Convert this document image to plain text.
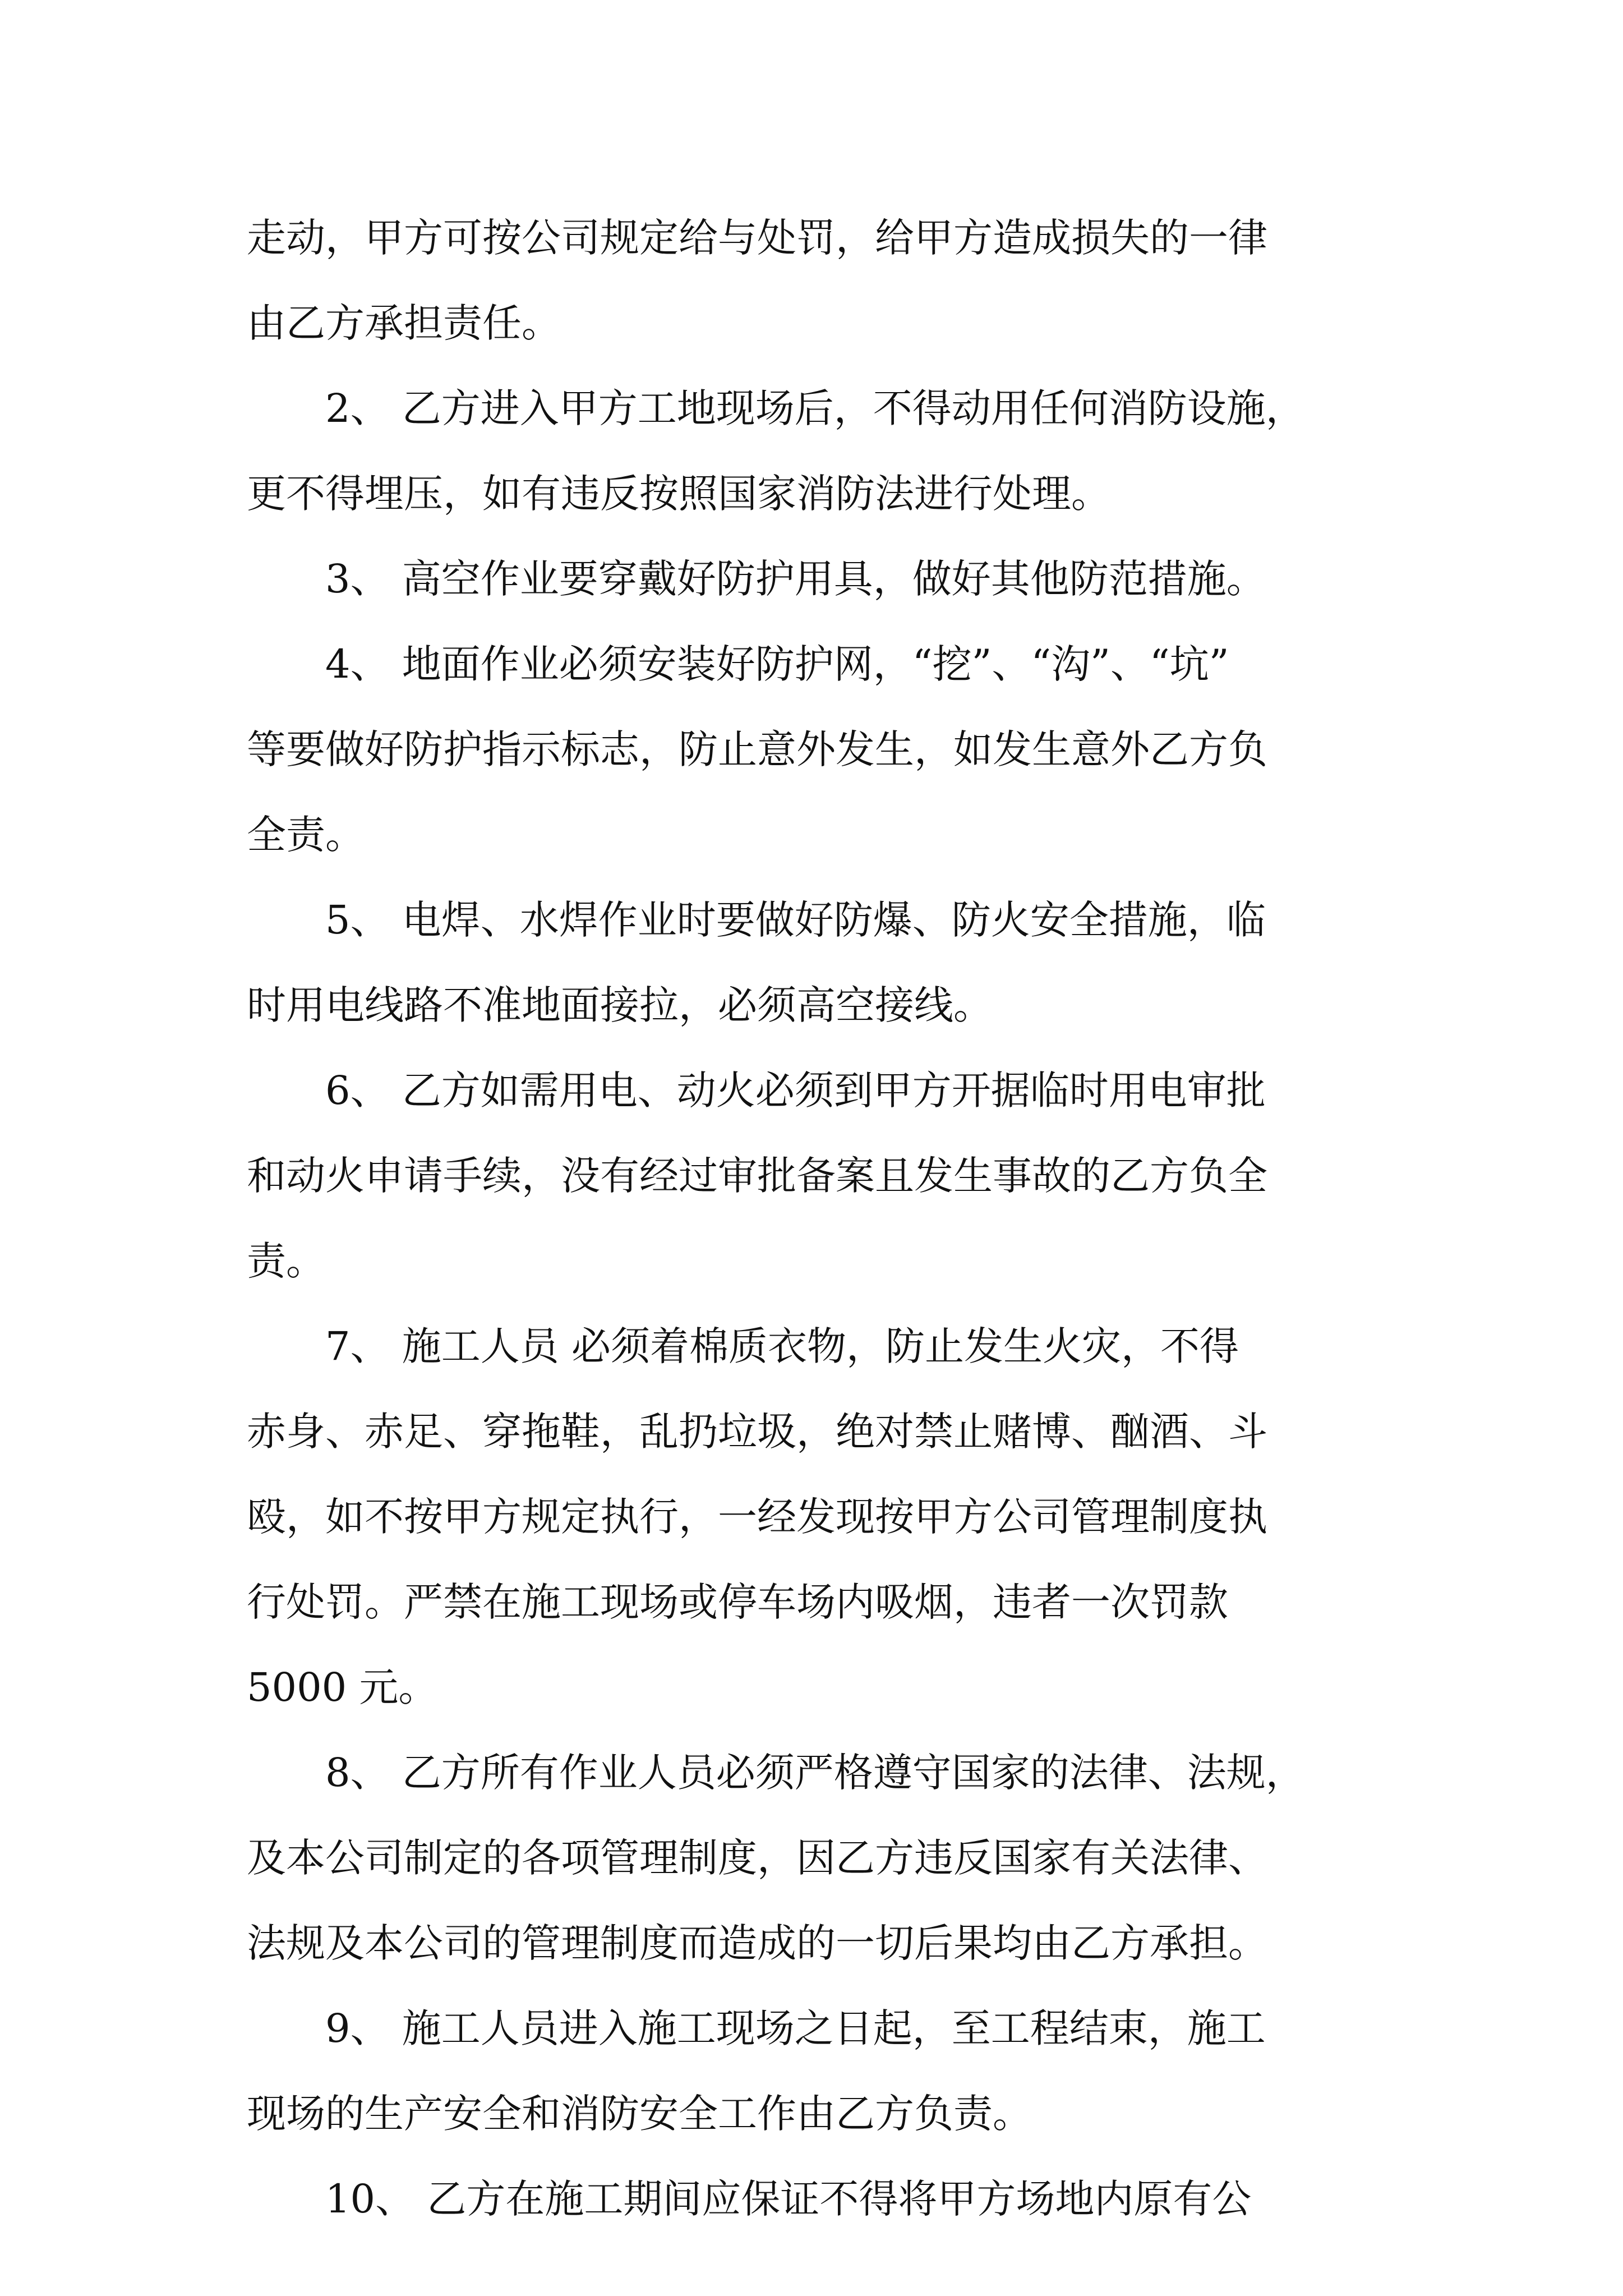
走动，甲方可按公司规定给与处罚，给甲方造成损失的一律
由乙方承担责任。
2、 乙方进入甲方工地现场后，不得动用任何消防设施，
更不得埋压，如有违反按照国家消防法进行处理。
3、 高空作业要穿戴好防护用具，做好其他防范措施。
4、 地面作业必须安装好防护网，“挖”、“沟”、“坑”
等要做好防护指示标志，防止意外发生，如发生意外乙方负
全责。
5、 电焊、水焊作业时要做好防爆、防火安全措施，临
时用电线路不准地面接拉，必须高空接线。
6、 乙方如需用电、动火必须到甲方开据临时用电审批
和动火申请手续，没有经过审批备案且发生事故的乙方负全
责。
7、 施工人员 必须着棉质衣物，防止发生火灾，不得
赤身、赤足、穿拖鞋，乱扔垃圾，绝对禁止赌博、酗酒、斗
殴，如不按甲方规定执行，一经发现按甲方公司管理制度执
行处罚。严禁在施工现场或停车场内吸烟，违者一次罚款
5000 元。
8、 乙方所有作业人员必须严格遵守国家的法律、法规，
及本公司制定的各项管理制度，因乙方违反国家有关法律、
法规及本公司的管理制度而造成的一切后果均由乙方承担。
9、 施工人员进入施工现场之日起，至工程结束，施工
现场的生产安全和消防安全工作由乙方负责。
10、 乙方在施工期间应保证不得将甲方场地内原有公
